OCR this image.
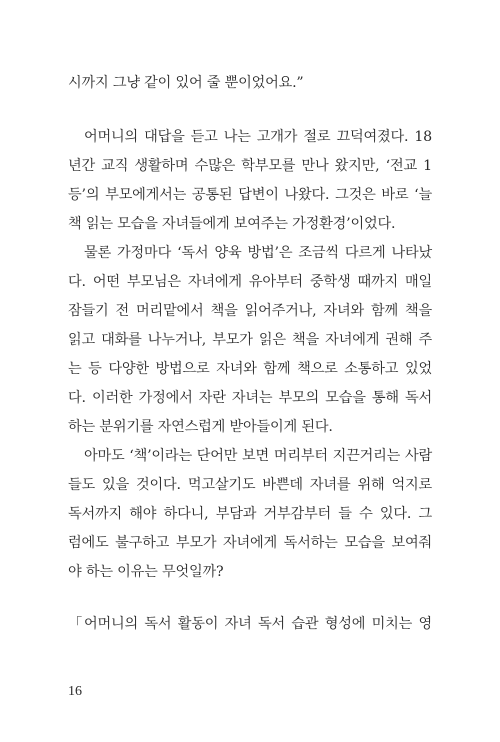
시까지 그냥 같이 있어 줄 뿐이었어요.”
어머니의 대답을 듣고 나는 고개가 절로 끄덕여졌다. 18
년간 교직 생활하며 수많은 학부모를 만나 왔지만, ‘전교 1
등’의 부모에게서는 공통된 답변이 나왔다. 그것은 바로 ‘늘
책 읽는 모습을 자녀들에게 보여주는 가정환경’이었다.
물론 가정마다 ‘독서 양육 방법’은 조금씩 다르게 나타났
다. 어떤 부모님은 자녀에게 유아부터 중학생 때까지 매일
잠들기 전 머리맡에서 책을 읽어주거나, 자녀와 함께 책을
읽고 대화를 나누거나, 부모가 읽은 책을 자녀에게 권해 주
는 등 다양한 방법으로 자녀와 함께 책으로 소통하고 있었
다. 이러한 가정에서 자란 자녀는 부모의 모습을 통해 독서
하는 분위기를 자연스럽게 받아들이게 된다.
아마도 ‘책’이라는 단어만 보면 머리부터 지끈거리는 사람
들도 있을 것이다. 먹고살기도 바쁜데 자녀를 위해 억지로
독서까지 해야 하다니, 부담과 거부감부터 들 수 있다. 그
럼에도 불구하고 부모가 자녀에게 독서하는 모습을 보여줘
야 하는 이유는 무엇일까?
「어머니의 독서 활동이 자녀 독서 습관 형성에 미치는 영
16
